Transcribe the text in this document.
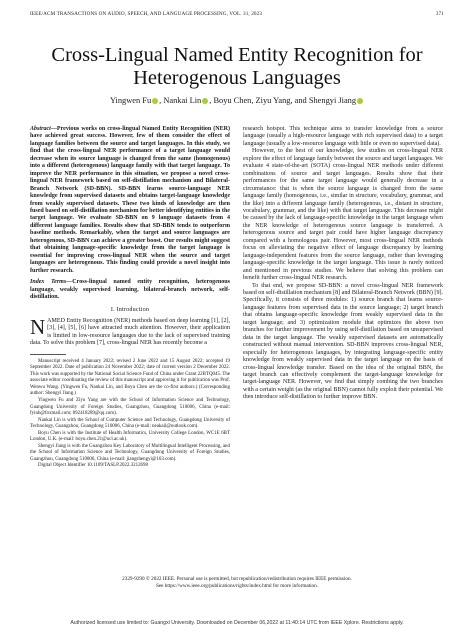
IEEE/ACM TRANSACTIONS ON AUDIO, SPEECH, AND LANGUAGE PROCESSING, VOL. 31, 2023	371
Cross-Lingual Named Entity Recognition for Heterogenous Languages
Yingwen Fu , Nankai Lin , Boyu Chen, Ziyu Yang, and Shengyi Jiang

Abstract—Previous works on cross-lingual Named Entity Recognition (NER) have achieved great success. However, few of them consider the effect of language families between the source and target languages. In this study, we find that the cross-lingual NER performance of a target language would decrease when its source language is changed from the same (homogenous) into a different (heterogenous) language family with that target language. To improve the NER performance in this situation, we propose a novel cross-lingual NER framework based on self-distillation mechanism and Bilateral-Branch Network (SD-BBN). SD-BBN learns source-language NER knowledge from supervised datasets and obtains target-language knowledge from weakly supervised datasets. These two kinds of knowledge are then fused based on self-distillation mechanism for better identifying entities in the target language. We evaluate SD-BBN on 9 language datasets from 4 different language families. Results show that SD-BBN tends to outperform baseline methods. Remarkably, when the target and source languages are heterogenous, SD-BBN can achieve a greater boost. Our results might suggest that obtaining language-specific knowledge from the target language is essential for improving cross-lingual NER when the source and target languages are heterogenous. This finding could provide a novel insight into further research.

Index Terms—Cross-lingual named entity recognition, heterogenous language, weakly supervised learning, bilateral-branch network, self-distillation.

I. Introduction

NAMED Entity Recognition (NER) methods based on deep learning [1], [2], [3], [4], [5], [6] have attracted much attention. However, their application is limited in low-resource languages due to the lack of supervised training data. To solve this problem [7], cross-lingual NER has recently become a

Manuscript received 4 January 2022; revised 2 June 2022 and 15 August 2022; accepted 19 September 2022. Date of publication 24 November 2022; date of current version 2 December 2022. This work was supported by the National Social Science Fund of China under Grant 22BTQ045. The associate editor coordinating the review of this manuscript and approving it for publication was Prof. Wenwu Wang. (Yingwen Fu, Nankai Lin, and Boyu Chen are the co-first authors.) (Corresponding author: Shengyi Jiang.)

Yingwen Fu and Ziyu Yang are with the School of Information Science and Technology, Guangdong University of Foreign Studies, Guangzhou, Guangdong 510006, China (e-mail: fyinh@foxmail.com; 892418289@qq.com).

Nankai Lin is with the School of Computer Science and Technology, Guangdong University of Technology, Guangzhou, Guangdong 510006, China (e-mail: neakail@outlook.com).

Boyu Chen is with the Institute of Health Informatics, University College London, WC1E 6BT London, U.K. (e-mail: boyu.chen.21@ucl.ac.uk).

Shengyi Jiang is with the Guangzhou Key Laboratory of Multilingual Intelligent Processing, and the School of Information Science and Technology, Guangdong University of Foreign Studies, Guangzhou, Guangdong 510006, China (e-mail: jiangshengyi@163.com).

Digital Object Identifier 10.1109/TASLP.2022.3212698

research hotspot. This technique aims to transfer knowledge from a source language (usually a high-resource language with rich supervised data) to a target language (usually a low-resource language with little or even no supervised data).

However, to the best of our knowledge, few studies on cross-lingual NER explore the effect of language family between the source and target languages. We evaluate 4 state-of-the-art (SOTA) cross-lingual NER methods under different combinations of source and target languages. Results show that their performances for the same target language would generally decrease in a circumstance: that is when the source language is changed from the same language family (homogenous, i.e., similar in structure, vocabulary, grammar, and the like) into a different language family (heterogenous, i.e., distant in structure, vocabulary, grammar, and the like) with that target language. This decrease might be caused by the lack of language-specific knowledge in the target language when the NER knowledge of heterogenous source language is transferred. A heterogenous source and target pair could have higher language discrepancy compared with a homologous pair. However, most cross-lingual NER methods focus on alleviating the negative effect of language discrepancy by learning language-independent features from the source language, rather than leveraging language-specific knowledge in the target language. This issue is rarely noticed and mentioned in previous studies. We believe that solving this problem can benefit further cross-lingual NER research.

To that end, we propose SD-BBN: a novel cross-lingual NER framework based on self-distillation mechanism [8] and Bilateral-Branch Network (BBN) [9]. Specifically, it consists of three modules: 1) source branch that learns source-language features from supervised data in the source language; 2) target branch that obtains language-specific knowledge from weakly supervised data in the target language; and 3) optimization module that optimizes the above two branches for further improvement by using self-distillation based on unsupervised data in the target language. The weakly supervised datasets are automatically constructed without manual intervention. SD-BBN improves cross-lingual NER, especially for heterogenous languages, by integrating language-specific entity knowledge from weakly supervised data in the target language on the basis of cross-lingual knowledge transfer. Based on the idea of the original BBN, the target branch can effectively complement the target-language knowledge for target-language NER. However, we find that simply combing the two branches with a certain weight (as the original BBN) cannot fully exploit their potential. We then introduce self-distillation to further improve BBN.

2329-9290 © 2022 IEEE. Personal use is permitted, but republication/redistribution requires IEEE permission.
See https://www.ieee.org/publications/rights/index.html for more information.
Authorized licensed use limited to: Guangxi University. Downloaded on December 06,2022 at 11:40:14 UTC from IEEE Xplore. Restrictions apply.
